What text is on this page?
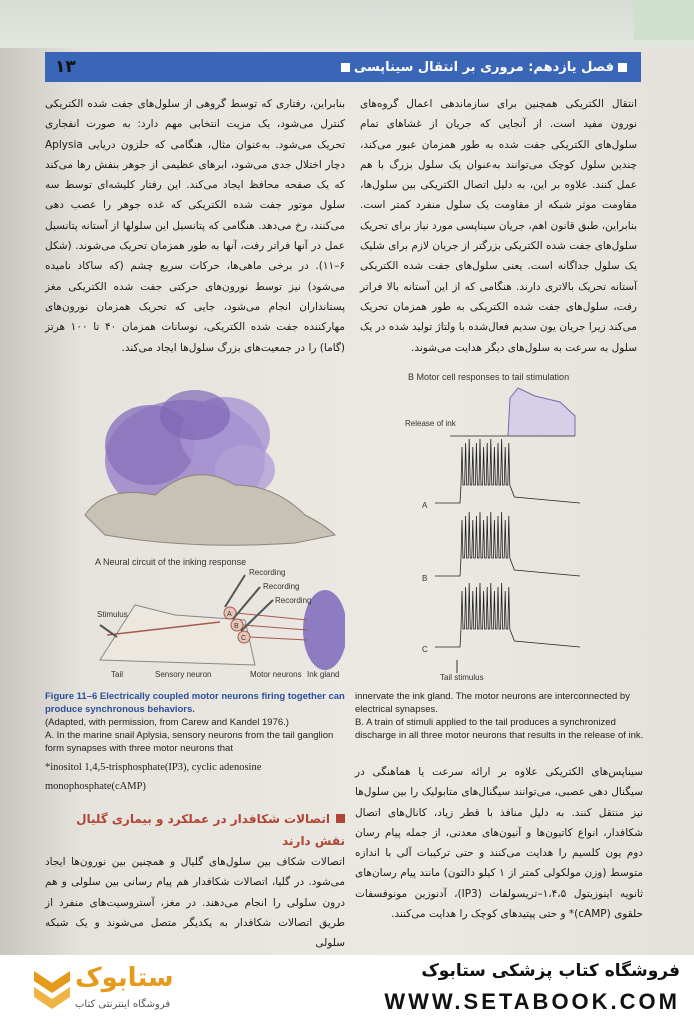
۱۳	فصل یازدهم: مروری بر انتقال سیناپسی
انتقال الکتریکی همچنین برای سازماندهی اعمال گروه‌های نورون مفید است. از آنجایی که جریان از غشاهای تمام سلول‌های الکتریکی جفت شده به طور همزمان عبور می‌کند، چندین سلول کوچک می‌توانند به‌عنوان یک سلول بزرگ با هم عمل کنند. علاوه بر این، به دلیل اتصال الکتریکی بین سلول‌ها، مقاومت موثر شبکه از مقاومت یک سلول منفرد کمتر است. بنابراین، طبق قانون اهم، جریان سیناپسی مورد نیاز برای تحریک سلول‌های جفت شده الکتریکی بزرگتر از جریان لازم برای شلیک یک سلول جداگانه است. یعنی سلول‌های جفت شده الکتریکی آستانه تحریک بالاتری دارند. هنگامی که از این آستانه بالا فراتر رفت، سلول‌های جفت شده الکتریکی به طور همزمان تحریک می‌کند زیرا جریان یون سدیم فعال‌شده با ولتاژ تولید شده در یک سلول به سرعت به سلول‌های دیگر هدایت می‌شوند.
بنابراین، رفتاری که توسط گروهی از سلول‌های جفت شده الکتریکی کنترل می‌شود، یک مزیت انتخابی مهم دارد: به صورت انفجاری تحریک می‌شود. به‌عنوان مثال، هنگامی که حلزون دریایی Aplysia دچار اختلال جدی می‌شود، ابرهای عظیمی از جوهر بنفش رها می‌کند که یک صفحه محافظ ایجاد می‌کند. این رفتار کلیشه‌ای توسط سه سلول موتور جفت شده الکتریکی که غده جوهر را عصب دهی می‌کنند، رخ می‌دهد. هنگامی که پتانسیل این سلولها از آستانه پتانسیل عمل در آنها فراتر رفت، آنها به طور همزمان تحریک می‌شوند. (شکل ۶–۱۱). در برخی ماهی‌ها، حرکات سریع چشم (که ساکاد نامیده می‌شود) نیز توسط نورون‌های حرکتی جفت شده الکتریکی مغز پستانداران انجام می‌شود، جایی که تحریک همزمان نورون‌های مهارکننده جفت شده الکتریکی، نوسانات همزمان ۴۰ تا ۱۰۰ هرتز (گاما) را در جمعیت‌های بزرگ سلول‌ها ایجاد می‌کند.
A Neural circuit of the inking response
A
B
C
Recording
Recording
Recording
Stimulus
Tail	Sensory neuron	Motor neurons Ink gland
B Motor cell responses to tail stimulation
Release of ink
A
B
C
Tail stimulus
Figure 11–6 Electrically coupled motor neurons firing together can produce synchronous behaviors.
(Adapted, with permission, from Carew and Kandel 1976.)
A. In the marine snail Aplysia, sensory neurons from the tail ganglion form synapses with three motor neurons that
innervate the ink gland. The motor neurons are interconnected by electrical synapses.
B. A train of stimuli applied to the tail produces a synchronized discharge in all three motor neurons that results in the release of ink.
*inositol 1,4,5-trisphosphate(IP3), cyclic adenosine monophosphate(cAMP)
اتصالات شکافدار در عملکرد و بیماری گلیال نقش دارند
اتصالات شکاف بین سلول‌های گلیال و همچنین بین نورون‌ها ایجاد می‌شود. در گلیا، اتصالات شکافدار هم پیام رسانی بین سلولی و هم درون سلولی را انجام می‌دهند. در مغز، آستروسیت‌های منفرد از طریق اتصالات شکافدار به یکدیگر متصل می‌شوند و یک شبکه سلولی
سیناپس‌های الکتریکی علاوه بر ارائه سرعت یا هماهنگی در سیگنال دهی عصبی، می‌توانند سیگنال‌های متابولیک را بین سلول‌ها نیز منتقل کنند. به دلیل منافذ با قطر زیاد، کانال‌های اتصال شکافدار، انواع کاتیون‌ها و آنیون‌های معدنی، از جمله پیام رسان دوم یون کلسیم را هدایت می‌کنند و حتی ترکیبات آلی با اندازه متوسط (وزن مولکولی کمتر از ۱ کیلو دالتون) مانند پیام رسان‌های ثانویه اینوزیتول ۱،۴،۵–تریسولفات (IP3)، آدنوزین مونوفسفات حلقوی (cAMP)* و حتی پپتیدهای کوچک را هدایت می‌کنند.
ستابوک
فروشگاه اینترنتی کتاب
فروشگاه کتاب پزشکی ستابوک
WWW.SETABOOK.COM
